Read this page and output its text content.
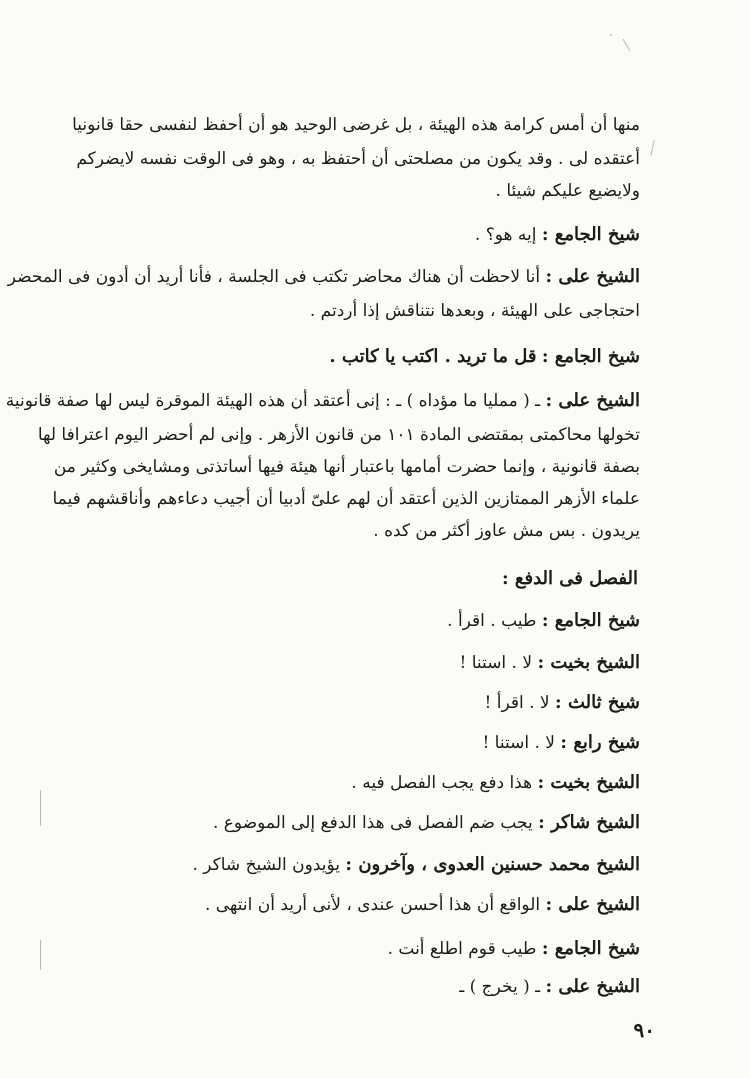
منها أن أمس كرامة هذه الهيئة ، بل غرضى الوحيد هو أن أحفظ لنفسى حقا قانونيا
أعتقده لى . وقد يكون من مصلحتى أن أحتفظ به ، وهو فى الوقت نفسه لايضركم
ولايضيع عليكم شيئا .
شيخ الجامع : إيه هو؟ .
الشيخ على : أنا لاحظت أن هناك محاضر تكتب فى الجلسة ، فأنا أريد أن أدون فى المحضر
احتجاجى على الهيئة ، وبعدها نتناقش إذا أردتم .
شيخ الجامع : قل ما تريد . اكتب يا كاتب .
الشيخ على : ـ ( ممليا ما مؤداه ) ـ : إنى أعتقد أن هذه الهيئة الموقرة ليس لها صفة قانونية
تخولها محاكمتى بمقتضى المادة ١٠١ من قانون الأزهر . وإنى لم أحضر اليوم اعترافا لها
بصفة قانونية ، وإنما حضرت أمامها باعتبار أنها هيئة فيها أساتذتى ومشايخى وكثير من
علماء الأزهر الممتازين الذين أعتقد أن لهم علىّ أدبيا أن أجيب دعاءهم وأناقشهم فيما
يريدون . بس مش عاوز أكثر من كده .
الفصل فى الدفع :
شيخ الجامع : طيب . اقرأ .
الشيخ بخيت : لا . استنا !
شيخ ثالث : لا . اقرأ !
شيخ رابع : لا . استنا !
الشيخ بخيت : هذا دفع يجب الفصل فيه .
الشيخ شاكر : يجب ضم الفصل فى هذا الدفع إلى الموضوع .
الشيخ محمد حسنين العدوى ، وآخرون : يؤيدون الشيخ شاكر .
الشيخ على : الواقع أن هذا أحسن عندى ، لأنى أريد أن انتهى .
شيخ الجامع : طيب قوم اطلع أنت .
الشيخ على : ـ ( يخرج ) ـ
٩٠
